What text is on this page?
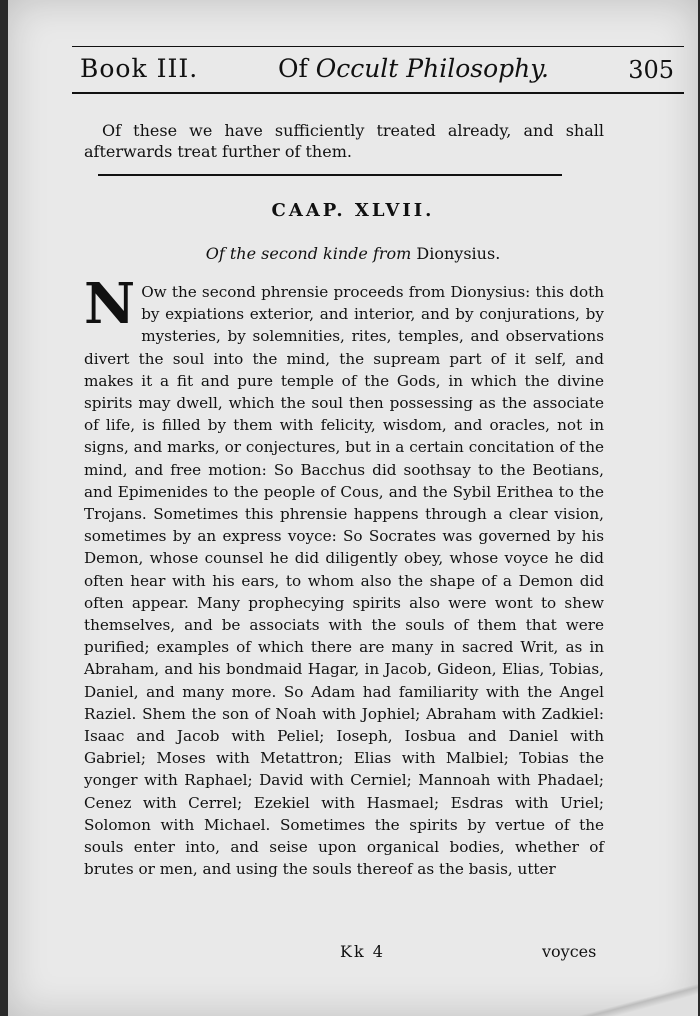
Book III.	Of Occult Philosophy.	305

Of these we have sufficiently treated already, and shall afterwards treat further of them.

CAAP. XLVII.
Of the second kinde from Dionysius.
N Ow the second phrensie proceeds from Dionysius: this doth by expiations exterior, and interior, and by conjurations, by mysteries, by solemnities, rites, temples, and observations divert the soul into the mind, the supream part of it self, and makes it a fit and pure temple of the Gods, in which the divine spirits may dwell, which the soul then possessing as the associate of life, is filled by them with felicity, wisdom, and oracles, not in signs, and marks, or conjectures, but in a certain concitation of the mind, and free motion: So Bacchus did soothsay to the Beotians, and Epimenides to the people of Cous, and the Sybil Erithea to the Trojans. Sometimes this phrensie happens through a clear vision, sometimes by an express voyce: So Socrates was governed by his Demon, whose counsel he did diligently obey, whose voyce he did often hear with his ears, to whom also the shape of a Demon did often appear. Many prophecying spirits also were wont to shew themselves, and be associats with the souls of them that were purified; examples of which there are many in sacred Writ, as in Abraham, and his bondmaid Hagar, in Jacob, Gideon, Elias, Tobias, Daniel, and many more. So Adam had familiarity with the Angel Raziel. Shem the son of Noah with Jophiel; Abraham with Zadkiel: Isaac and Jacob with Peliel; Ioseph, Iosbua and Daniel with Gabriel; Moses with Metattron; Elias with Malbiel; Tobias the yonger with Raphael; David with Cerniel; Mannoah with Phadael; Cenez with Cerrel; Ezekiel with Hasmael; Esdras with Uriel; Solomon with Michael. Sometimes the spirits by vertue of the souls enter into, and seise upon organical bodies, whether of brutes or men, and using the souls thereof as the basis, utter
Kk 4	voyces
